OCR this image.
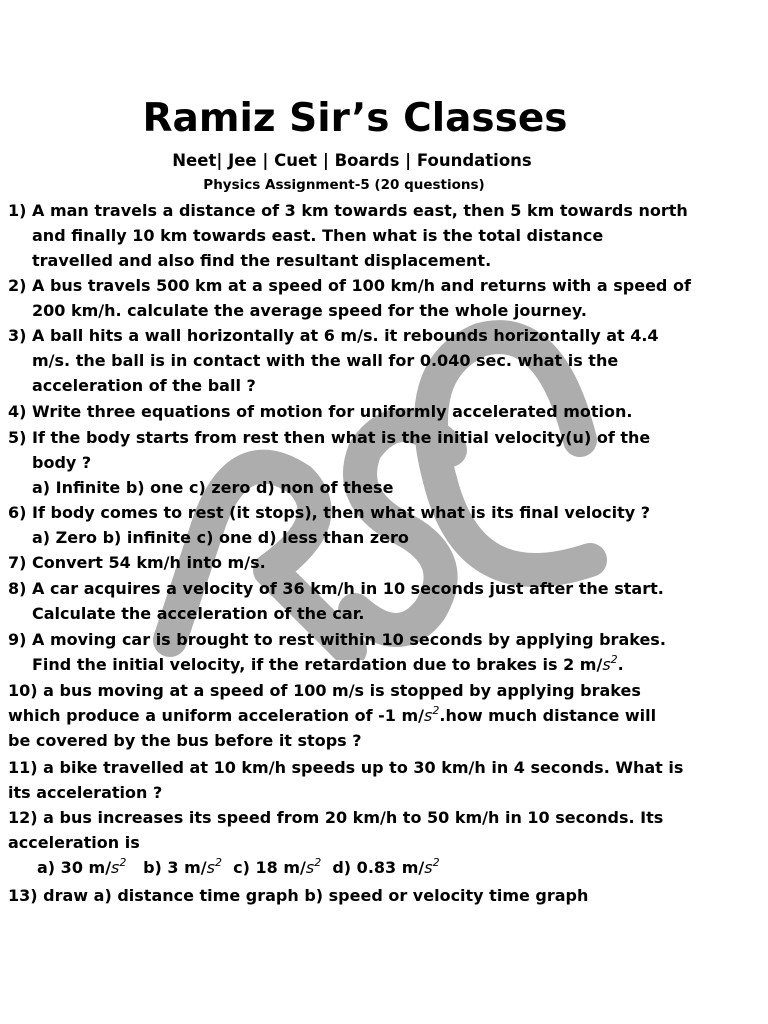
Ramiz Sir’s Classes
Neet| Jee | Cuet | Boards | Foundations
Physics Assignment-5 (20 questions)
1) A man travels a distance of 3 km towards east, then 5 km towards north
and finally 10 km towards east. Then what is the total distance
travelled and also find the resultant displacement.
2) A bus travels 500 km at a speed of 100 km/h and returns with a speed of
200 km/h. calculate the average speed for the whole journey.
3) A ball hits a wall horizontally at 6 m/s. it rebounds horizontally at 4.4
m/s. the ball is in contact with the wall for 0.040 sec. what is the
acceleration of the ball ?
4) Write three equations of motion for uniformly accelerated motion.
5) If the body starts from rest then what is the initial velocity(u) of the
body ?
a) Infinite b) one c) zero d) non of these
6) If body comes to rest (it stops), then what what is its final velocity ?
a) Zero b) infinite c) one d) less than zero
7) Convert 54 km/h into m/s.
8) A car acquires a velocity of 36 km/h in 10 seconds just after the start.
Calculate the acceleration of the car.
9) A moving car is brought to rest within 10 seconds by applying brakes.
Find the initial velocity, if the retardation due to brakes is 2 $m/s^2$.
10) a bus moving at a speed of 100 m/s is stopped by applying brakes
which produce a uniform acceleration of -1 $m/s^2.how$ much distance will
be covered by the bus before it stops ?
11) a bike travelled at 10 km/h speeds up to 30 km/h in 4 seconds. What is
its acceleration ?
12) a bus increases its speed from 20 km/h to 50 km/h in 10 seconds. Its
acceleration is
a) 30 $m/s^2$ b) 3 $m/s^2$ c) 18 $m/s^2$ d) 0.83 $m/s^2$
13) draw a) distance time graph b) speed or velocity time graph
